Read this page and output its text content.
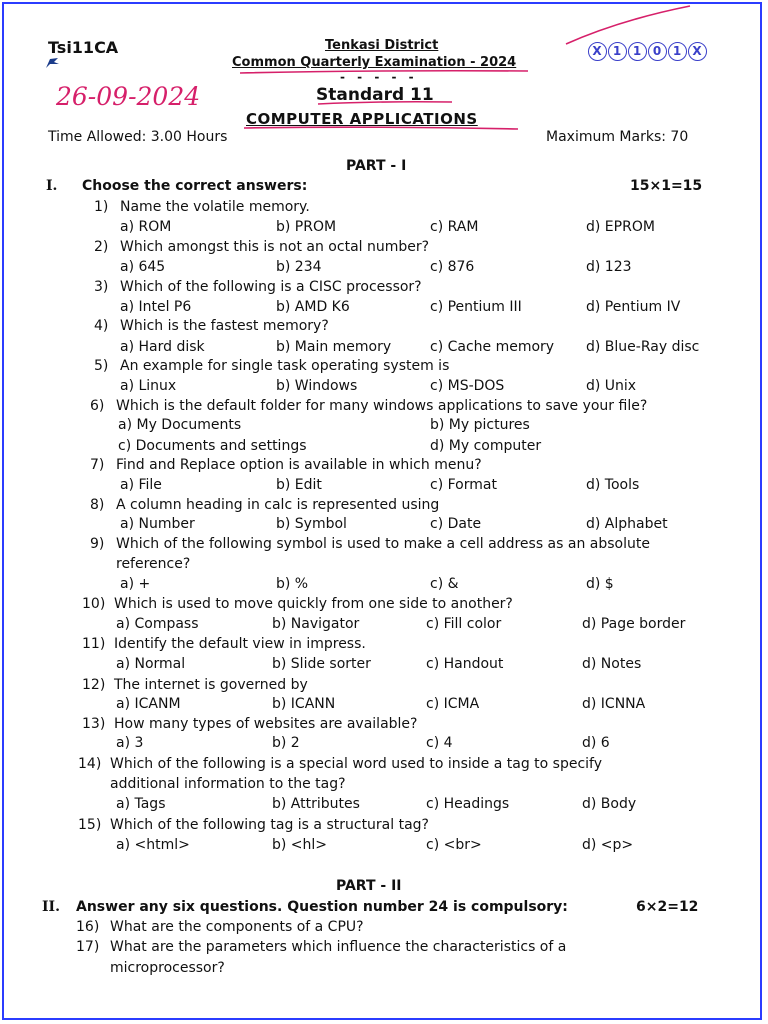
Tsi11CA	Tenkasi District
Common Quarterly Examination - 2024
- - - - -
26-09-2024	Standard 11
COMPUTER APPLICATIONS
Time Allowed: 3.00 Hours	Maximum Marks: 70
X 1 1 0 1 X
PART - I
I. Choose the correct answers:	15×1=15
1) Name the volatile memory.
a) ROM	b) PROM	c) RAM	d) EPROM
2) Which amongst this is not an octal number?
a) 645	b) 234	c) 876	d) 123
3) Which of the following is a CISC processor?
a) Intel P6	b) AMD K6	c) Pentium III	d) Pentium IV
4) Which is the fastest memory?
a) Hard disk	b) Main memory	c) Cache memory d) Blue-Ray disc
5) An example for single task operating system is
a) Linux	b) Windows	c) MS-DOS	d) Unix
6) Which is the default folder for many windows applications to save your file?
a) My Documents	b) My pictures
c) Documents and settings	d) My computer
7) Find and Replace option is available in which menu?
a) File	b) Edit	c) Format	d) Tools
8) A column heading in calc is represented using
a) Number	b) Symbol	c) Date	d) Alphabet
9) Which of the following symbol is used to make a cell address as an absolute
reference?
a) +	b) %	c) &	d) $
10) Which is used to move quickly from one side to another?
a) Compass	b) Navigator	c) Fill color	d) Page border
11) Identify the default view in impress.
a) Normal	b) Slide sorter	c) Handout	d) Notes
12) The internet is governed by
a) ICANM	b) ICANN	c) ICMA	d) ICNNA
13) How many types of websites are available?
a) 3	b) 2	c) 4	d) 6
14) Which of the following is a special word used to inside a tag to specify
additional information to the tag?
a) Tags	b) Attributes	c) Headings	d) Body
15) Which of the following tag is a structural tag?
a) <html>	b) <hl>	c) <br>	d) <p>
PART - II
II. Answer any six questions. Question number 24 is compulsory:	6×2=12
16) What are the components of a CPU?
17) What are the parameters which influence the characteristics of a
microprocessor?
